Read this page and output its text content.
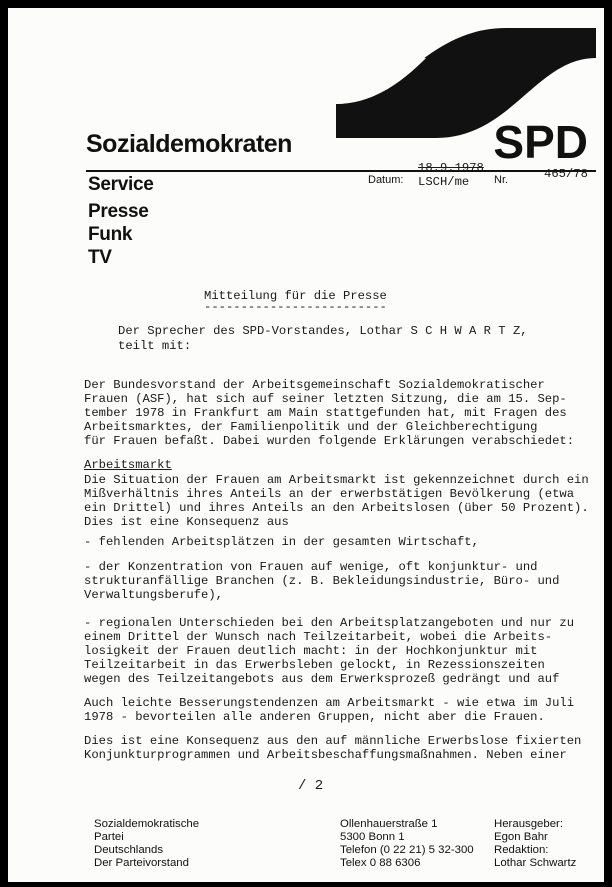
SPD
Sozialdemokraten
Service
Presse
Funk
TV
Datum:
18.9.1978
LSCH/me Nr.	465/78
Mitteilung für die Presse
-------------------------
Der Sprecher des SPD-Vorstandes, Lothar S C H W A R T Z,
teilt mit:
Der Bundesvorstand der Arbeitsgemeinschaft Sozialdemokratischer
Frauen (ASF), hat sich auf seiner letzten Sitzung, die am 15. Sep-
tember 1978 in Frankfurt am Main stattgefunden hat, mit Fragen des
Arbeitsmarktes, der Familienpolitik und der Gleichberechtigung
für Frauen befaßt. Dabei wurden folgende Erklärungen verabschiedet:
Arbeitsmarkt
Die Situation der Frauen am Arbeitsmarkt ist gekennzeichnet durch ein
Mißverhältnis ihres Anteils an der erwerbstätigen Bevölkerung (etwa
ein Drittel) und ihres Anteils an den Arbeitslosen (über 50 Prozent).
Dies ist eine Konsequenz aus
- fehlenden Arbeitsplätzen in der gesamten Wirtschaft,
- der Konzentration von Frauen auf wenige, oft konjunktur- und
strukturanfällige Branchen (z. B. Bekleidungsindustrie, Büro- und
Verwaltungsberufe),
- regionalen Unterschieden bei den Arbeitsplatzangeboten und nur zu
einem Drittel der Wunsch nach Teilzeitarbeit, wobei die Arbeits-
losigkeit der Frauen deutlich macht: in der Hochkonjunktur mit
Teilzeitarbeit in das Erwerbsleben gelockt, in Rezessionszeiten
wegen des Teilzeitangebots aus dem Erwerksprozeß gedrängt und auf
Auch leichte Besserungstendenzen am Arbeitsmarkt - wie etwa im Juli
1978 - bevorteilen alle anderen Gruppen, nicht aber die Frauen.
Dies ist eine Konsequenz aus den auf männliche Erwerbslose fixierten
Konjunkturprogrammen und Arbeitsbeschaffungsmaßnahmen. Neben einer
/ 2
Sozialdemokratische
Partei
Deutschlands
Der Parteivorstand
Ollenhauerstraße 1
5300 Bonn 1
Telefon (0 22 21) 5 32-300
Telex 0 88 6306
Herausgeber:
Egon Bahr
Redaktion:
Lothar Schwartz
